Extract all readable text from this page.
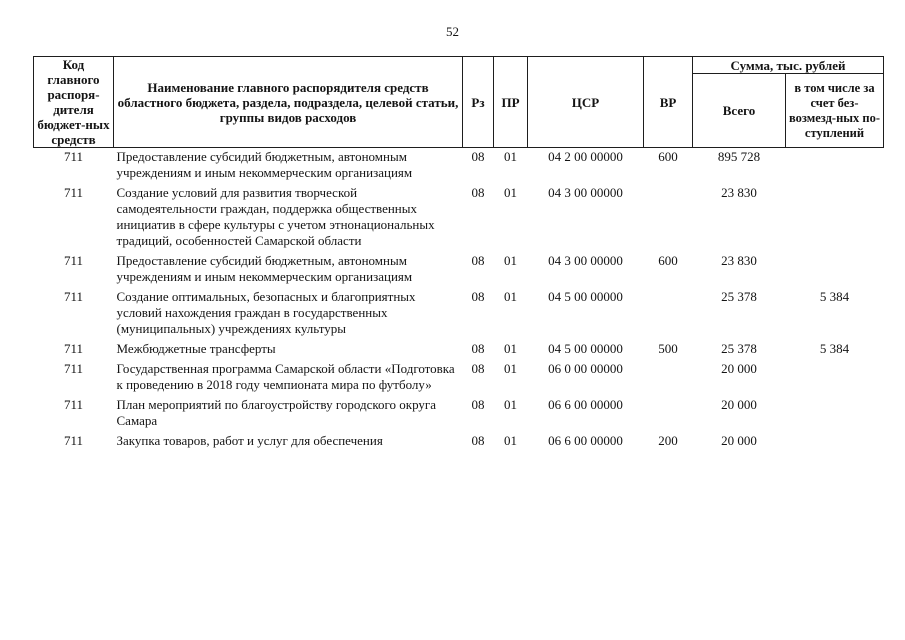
52
Код главного распоря-дителя бюджет-ных средств	Наименование главного распорядителя средств областного бюджета, раздела, подраздела, целевой статьи, группы видов расходов	Рз	ПР	ЦСР	ВР	Сумма, тыс. рублей	
						Всего	в том числе за счет без-возмезд-ных по-ступлений
711	Предоставление субсидий бюджетным, автономным учреждениям и иным некоммерческим организациям	08	01	04 2 00 00000	600	895 728	
711	Создание условий для развития творческой самодеятельности граждан, поддержка общественных инициатив в сфере культуры с учетом этнонациональных традиций, особенностей Самарской области	08	01	04 3 00 00000		23 830	
711	Предоставление субсидий бюджетным, автономным учреждениям и иным некоммерческим организациям	08	01	04 3 00 00000	600	23 830	
711	Создание оптимальных, безопасных и благоприятных условий нахождения граждан в государственных (муниципальных) учреждениях культуры	08	01	04 5 00 00000		25 378	5 384
711	Межбюджетные трансферты	08	01	04 5 00 00000	500	25 378	5 384
711	Государственная программа Самарской области «Подготовка к проведению в 2018 году чемпионата мира по футболу»	08	01	06 0 00 00000		20 000	
711	План мероприятий по благоустройству городского округа Самара	08	01	06 6 00 00000		20 000	
711	Закупка товаров, работ и услуг для обеспечения	08	01	06 6 00 00000	200	20 000	
